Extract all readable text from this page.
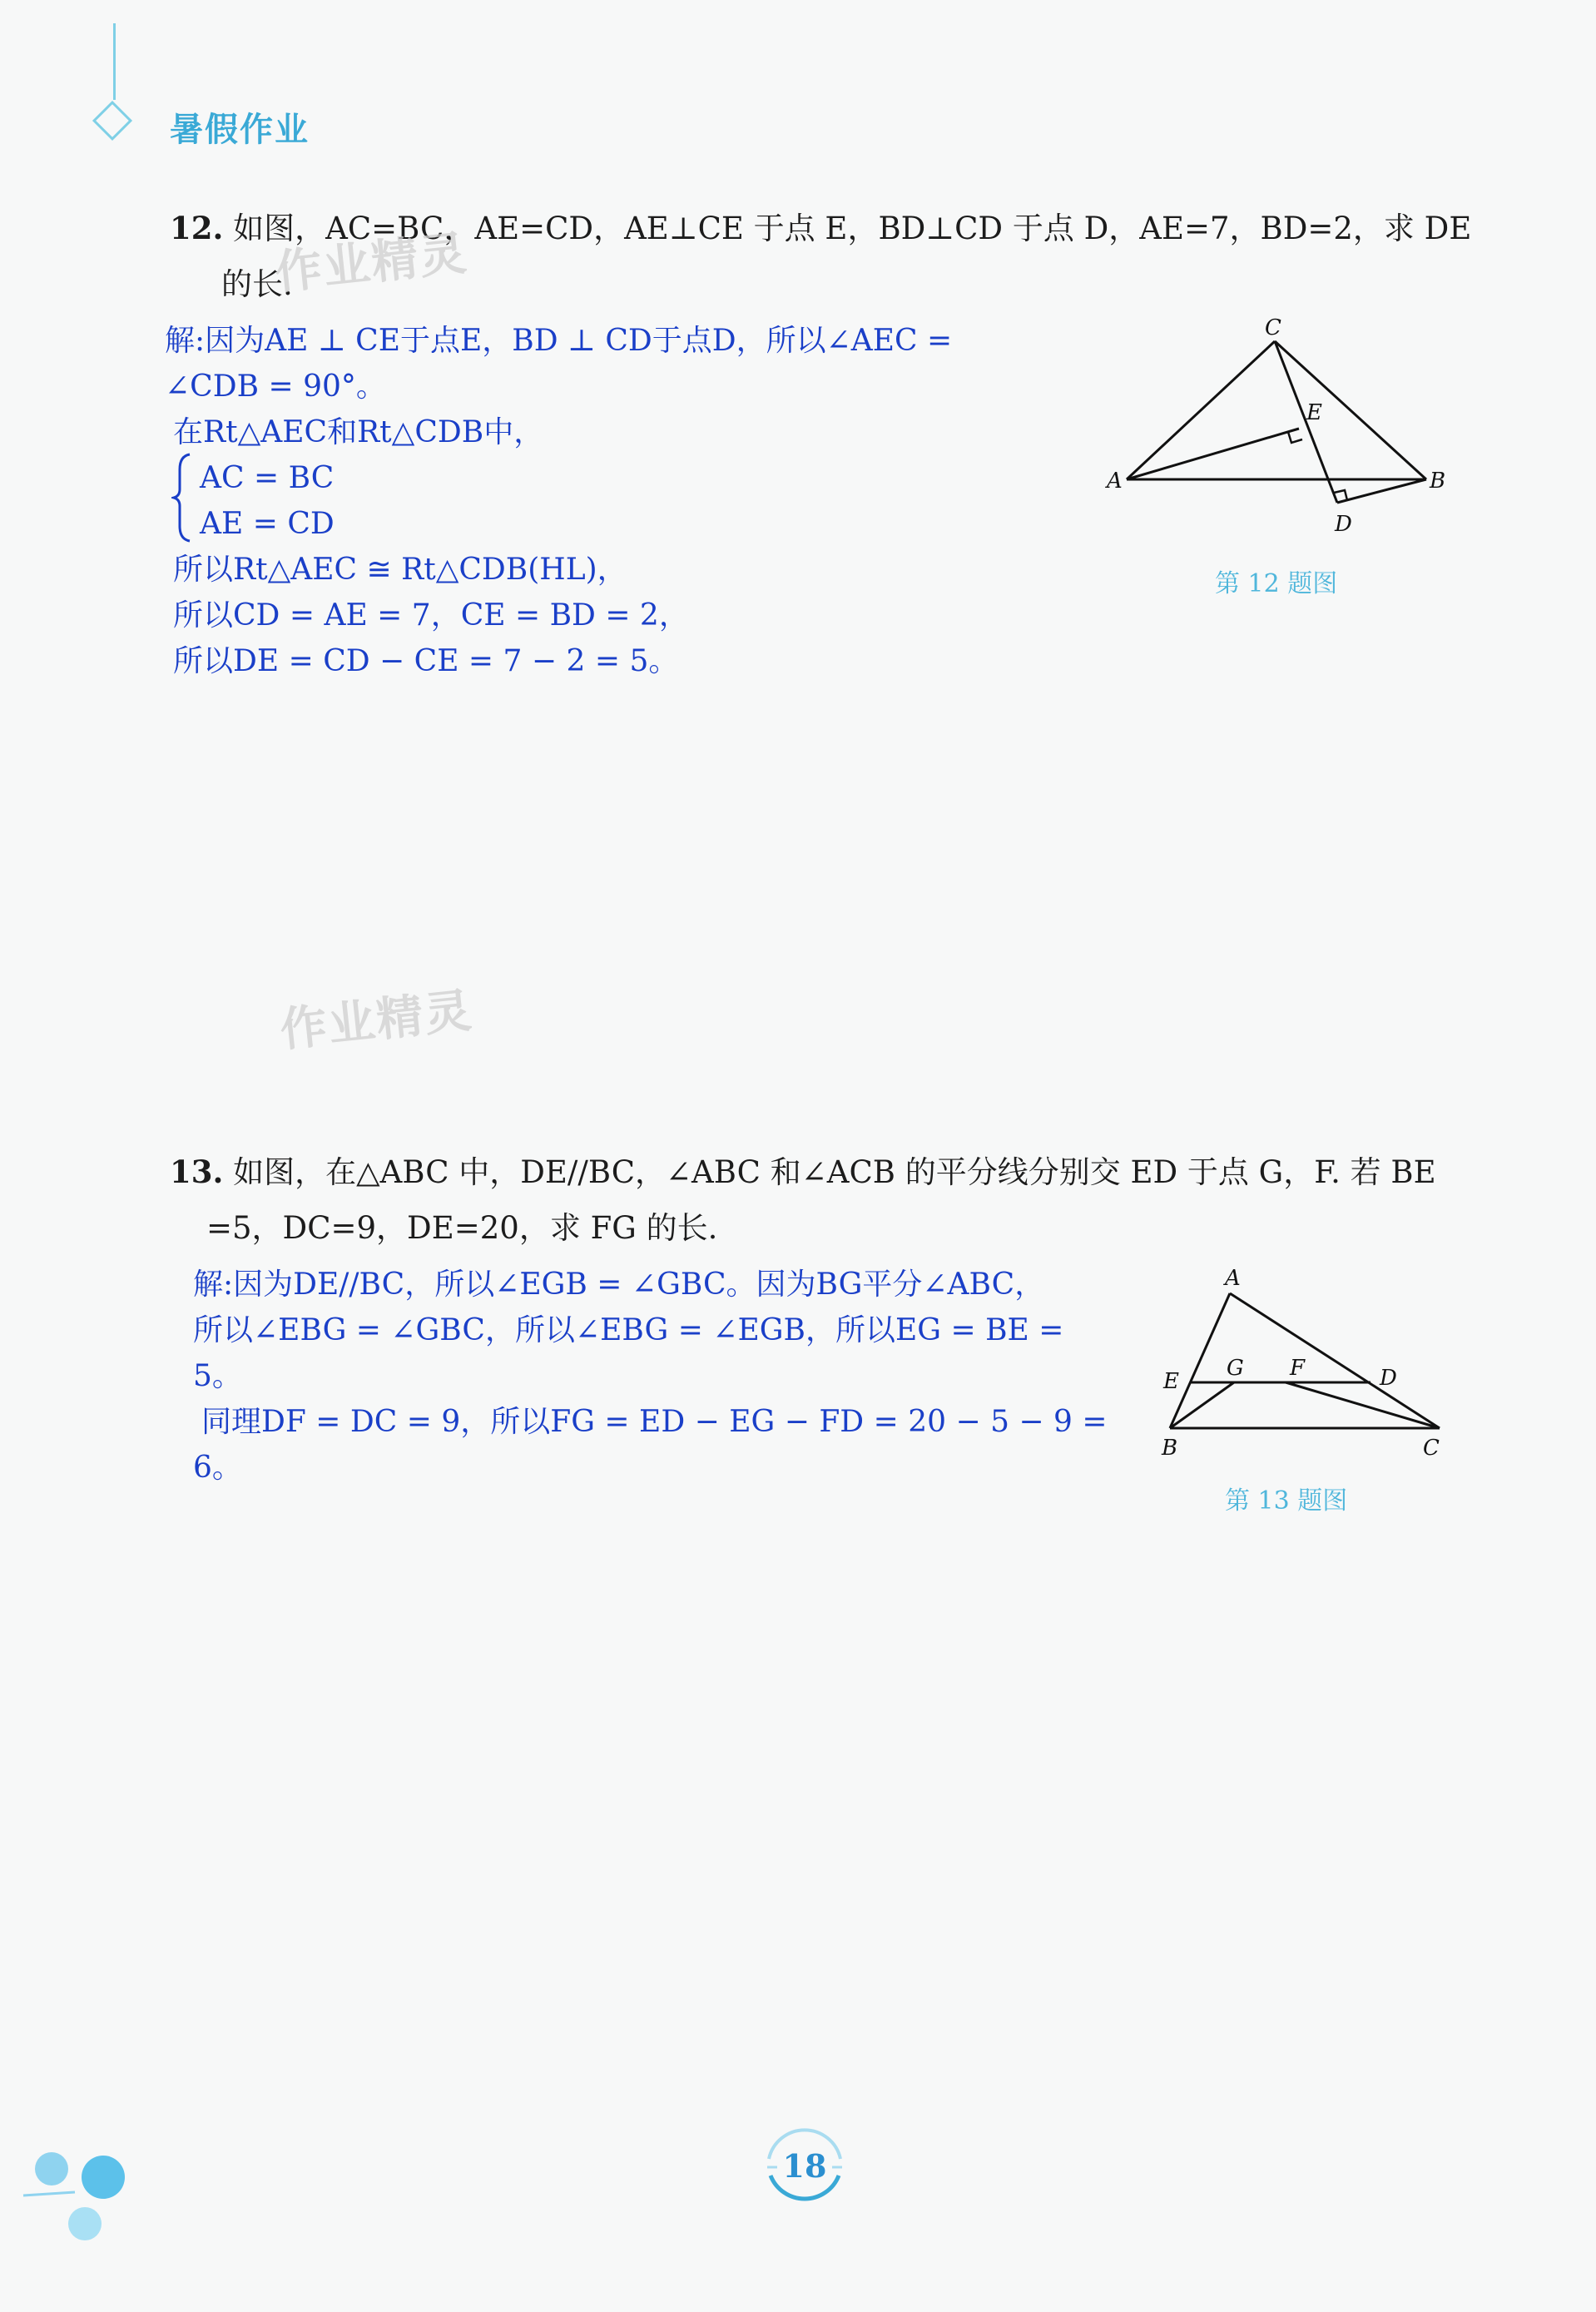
暑假作业
12. 如图，AC=BC，AE=CD，AE⊥CE 于点 E，BD⊥CD 于点 D，AE=7，BD=2，求 DE
的长.
作业精灵
解:因为AE ⊥ CE于点E，BD ⊥ CD于点D，所以∠AEC =
∠CDB = 90°。
在Rt△AEC和Rt△CDB中，
AC = BC
AE = CD
所以Rt△AEC ≅ Rt△CDB(HL)，
所以CD = AE = 7，CE = BD = 2，
所以DE = CD − CE = 7 − 2 = 5。
C
E
A	B
D
第 12 题图
作业精灵
13. 如图，在△ABC 中，DE//BC，∠ABC 和∠ACB 的平分线分别交 ED 于点 G，F. 若 BE
=5，DC=9，DE=20，求 FG 的长.
解:因为DE//BC，所以∠EGB = ∠GBC。因为BG平分∠ABC，
所以∠EBG = ∠GBC，所以∠EBG = ∠EGB，所以EG = BE =
5。
同理DF = DC = 9，所以FG = ED − EG − FD = 20 − 5 − 9 =
6。
A
G F	D
E
B	C
第 13 题图
18
